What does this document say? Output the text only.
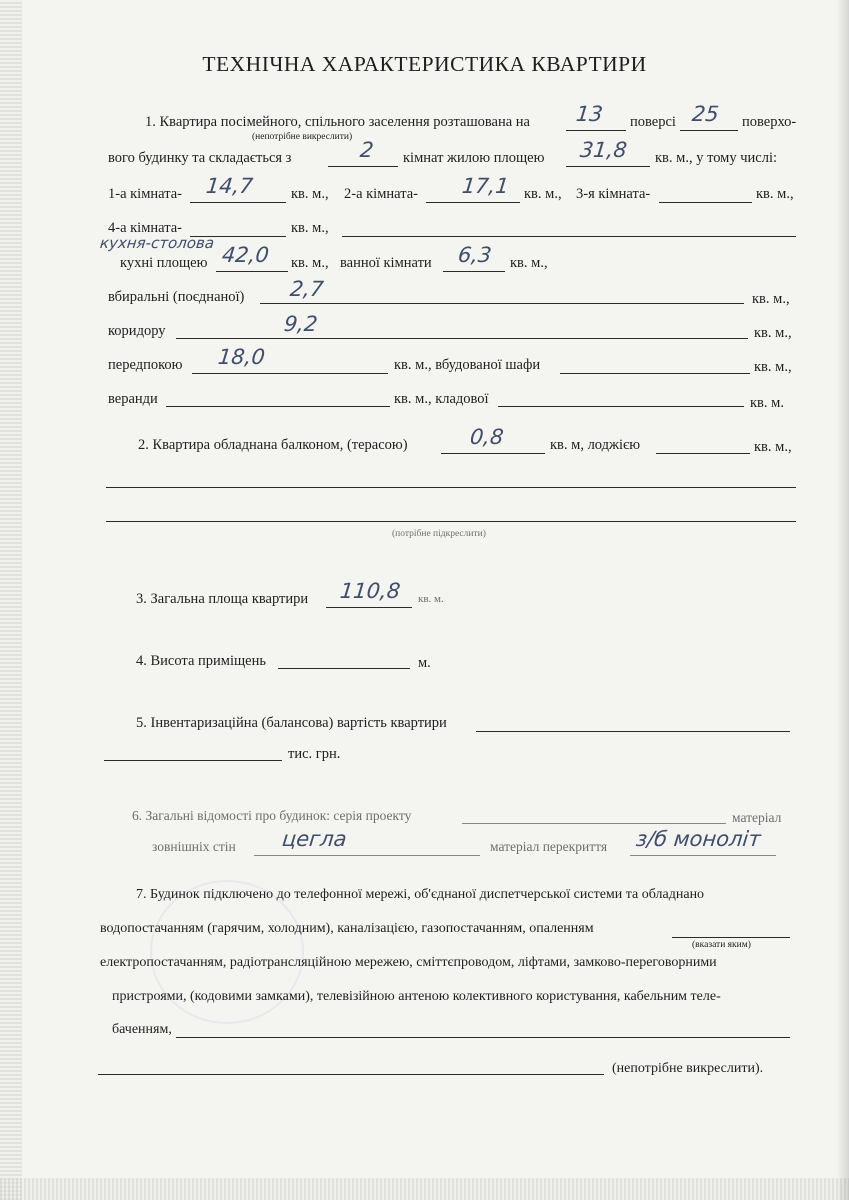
ТЕХНІЧНА ХАРАКТЕРИСТИКА КВАРТИРИ
1. Квартира посімейного, спільного заселення розташована на 13 поверсі 25 поверхо-
(непотрібне викреслити)
вого будинку та складається з	2 кімнат жилою площею 31,8 кв. м., у тому числі:
1-а кімната- 14,7	кв. м., 2-а кімната- 17,1 кв. м., 3-я кімната-	кв. м.,
4-а кімната-	кв. м.,
кухня-столова
кухні площею 42,0 кв. м., ванної кімнати 6,3 кв. м.,
вбиральні (поєднаної) 2,7	кв. м.,
коридору	9,2	кв. м.,
передпокою 18,0	кв. м., вбудованої шафи	кв. м.,
веранди	кв. м., кладової	кв. м.
2. Квартира обладнана балконом, (терасою)	0,8	кв. м, лоджією	кв. м.,
(потрібне підкреслити)
3. Загальна площа квартири 110,8 кв. м.
4. Висота приміщень	м.
5. Інвентаризаційна (балансова) вартість квартири
тис. грн.
6. Загальні відомості про будинок: серія проекту	матеріал
зовнішніх стін цегла	матеріал перекриття з/б моноліт
7. Будинок підключено до телефонної мережі, об'єднаної диспетчерської системи та обладнано
водопостачанням (гарячим, холодним), каналізацією, газопостачанням, опаленням
(вказати яким)
електропостачанням, радіотрансляційною мережею, сміттєпроводом, ліфтами, замково-переговорними
пристроями, (кодовими замками), телевізійною антеною колективного користування, кабельним теле-
баченням,
(непотрібне викреслити).
